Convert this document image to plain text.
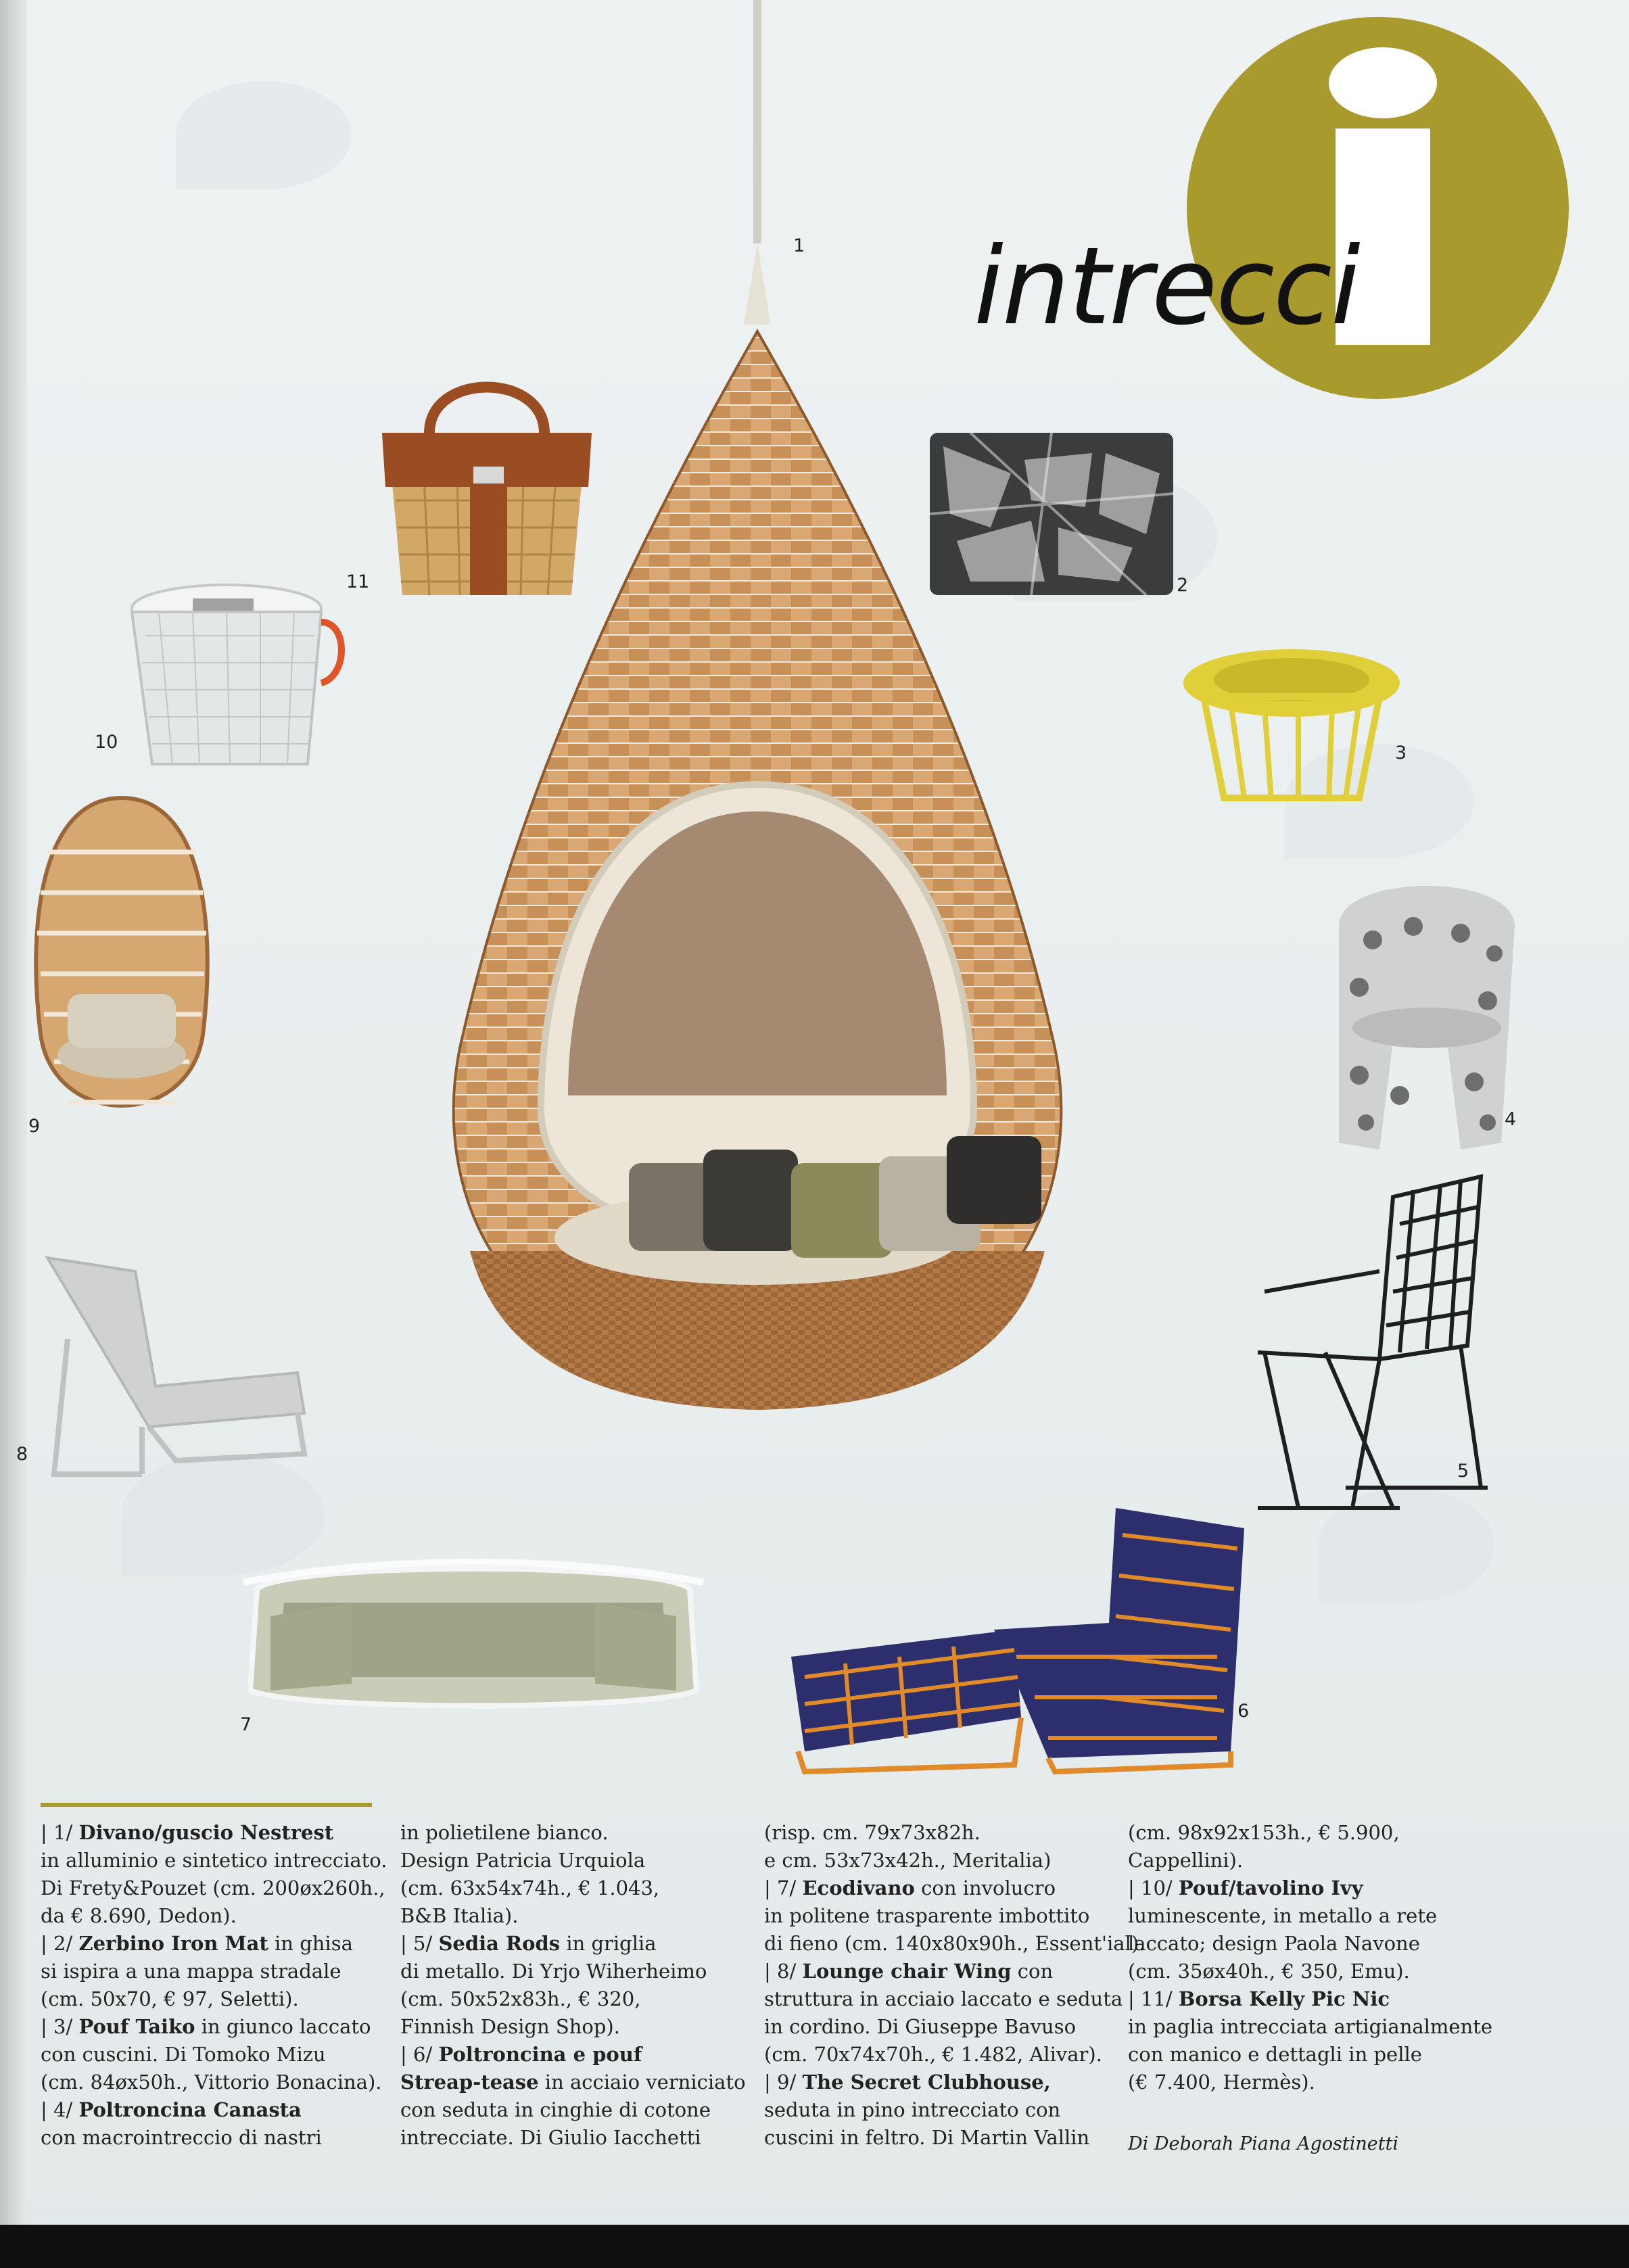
intrecci
1
2
3
4
5
6
7
8
9
10
11

| 1/ Divano/guscio Nestrest

in alluminio e sintetico intrecciato.

Di Frety&Pouzet (cm. 200øx260h.,

da € 8.690, Dedon).

| 2/ Zerbino Iron Mat in ghisa

si ispira a una mappa stradale

(cm. 50x70, € 97, Seletti).

| 3/ Pouf Taiko in giunco laccato

con cuscini. Di Tomoko Mizu

(cm. 84øx50h., Vittorio Bonacina).

| 4/ Poltroncina Canasta

con macrointreccio di nastri

in polietilene bianco.

Design Patricia Urquiola

(cm. 63x54x74h., € 1.043,

B&B Italia).

| 5/ Sedia Rods in griglia

di metallo. Di Yrjo Wiherheimo

(cm. 50x52x83h., € 320,

Finnish Design Shop).

| 6/ Poltroncina e pouf

Streap-tease in acciaio verniciato

con seduta in cinghie di cotone

intrecciate. Di Giulio Iacchetti

(risp. cm. 79x73x82h.

e cm. 53x73x42h., Meritalia)

| 7/ Ecodivano con involucro

in politene trasparente imbottito

di fieno (cm. 140x80x90h., Essent'ial).

| 8/ Lounge chair Wing con

struttura in acciaio laccato e seduta

in cordino. Di Giuseppe Bavuso

(cm. 70x74x70h., € 1.482, Alivar).

| 9/ The Secret Clubhouse,

seduta in pino intrecciato con

cuscini in feltro. Di Martin Vallin

(cm. 98x92x153h., € 5.900,

Cappellini).

| 10/ Pouf/tavolino Ivy

luminescente, in metallo a rete

laccato; design Paola Navone

(cm. 35øx40h., € 350, Emu).

| 11/ Borsa Kelly Pic Nic

in paglia intrecciata artigianalmente

con manico e dettagli in pelle

(€ 7.400, Hermès).

Di Deborah Piana Agostinetti
